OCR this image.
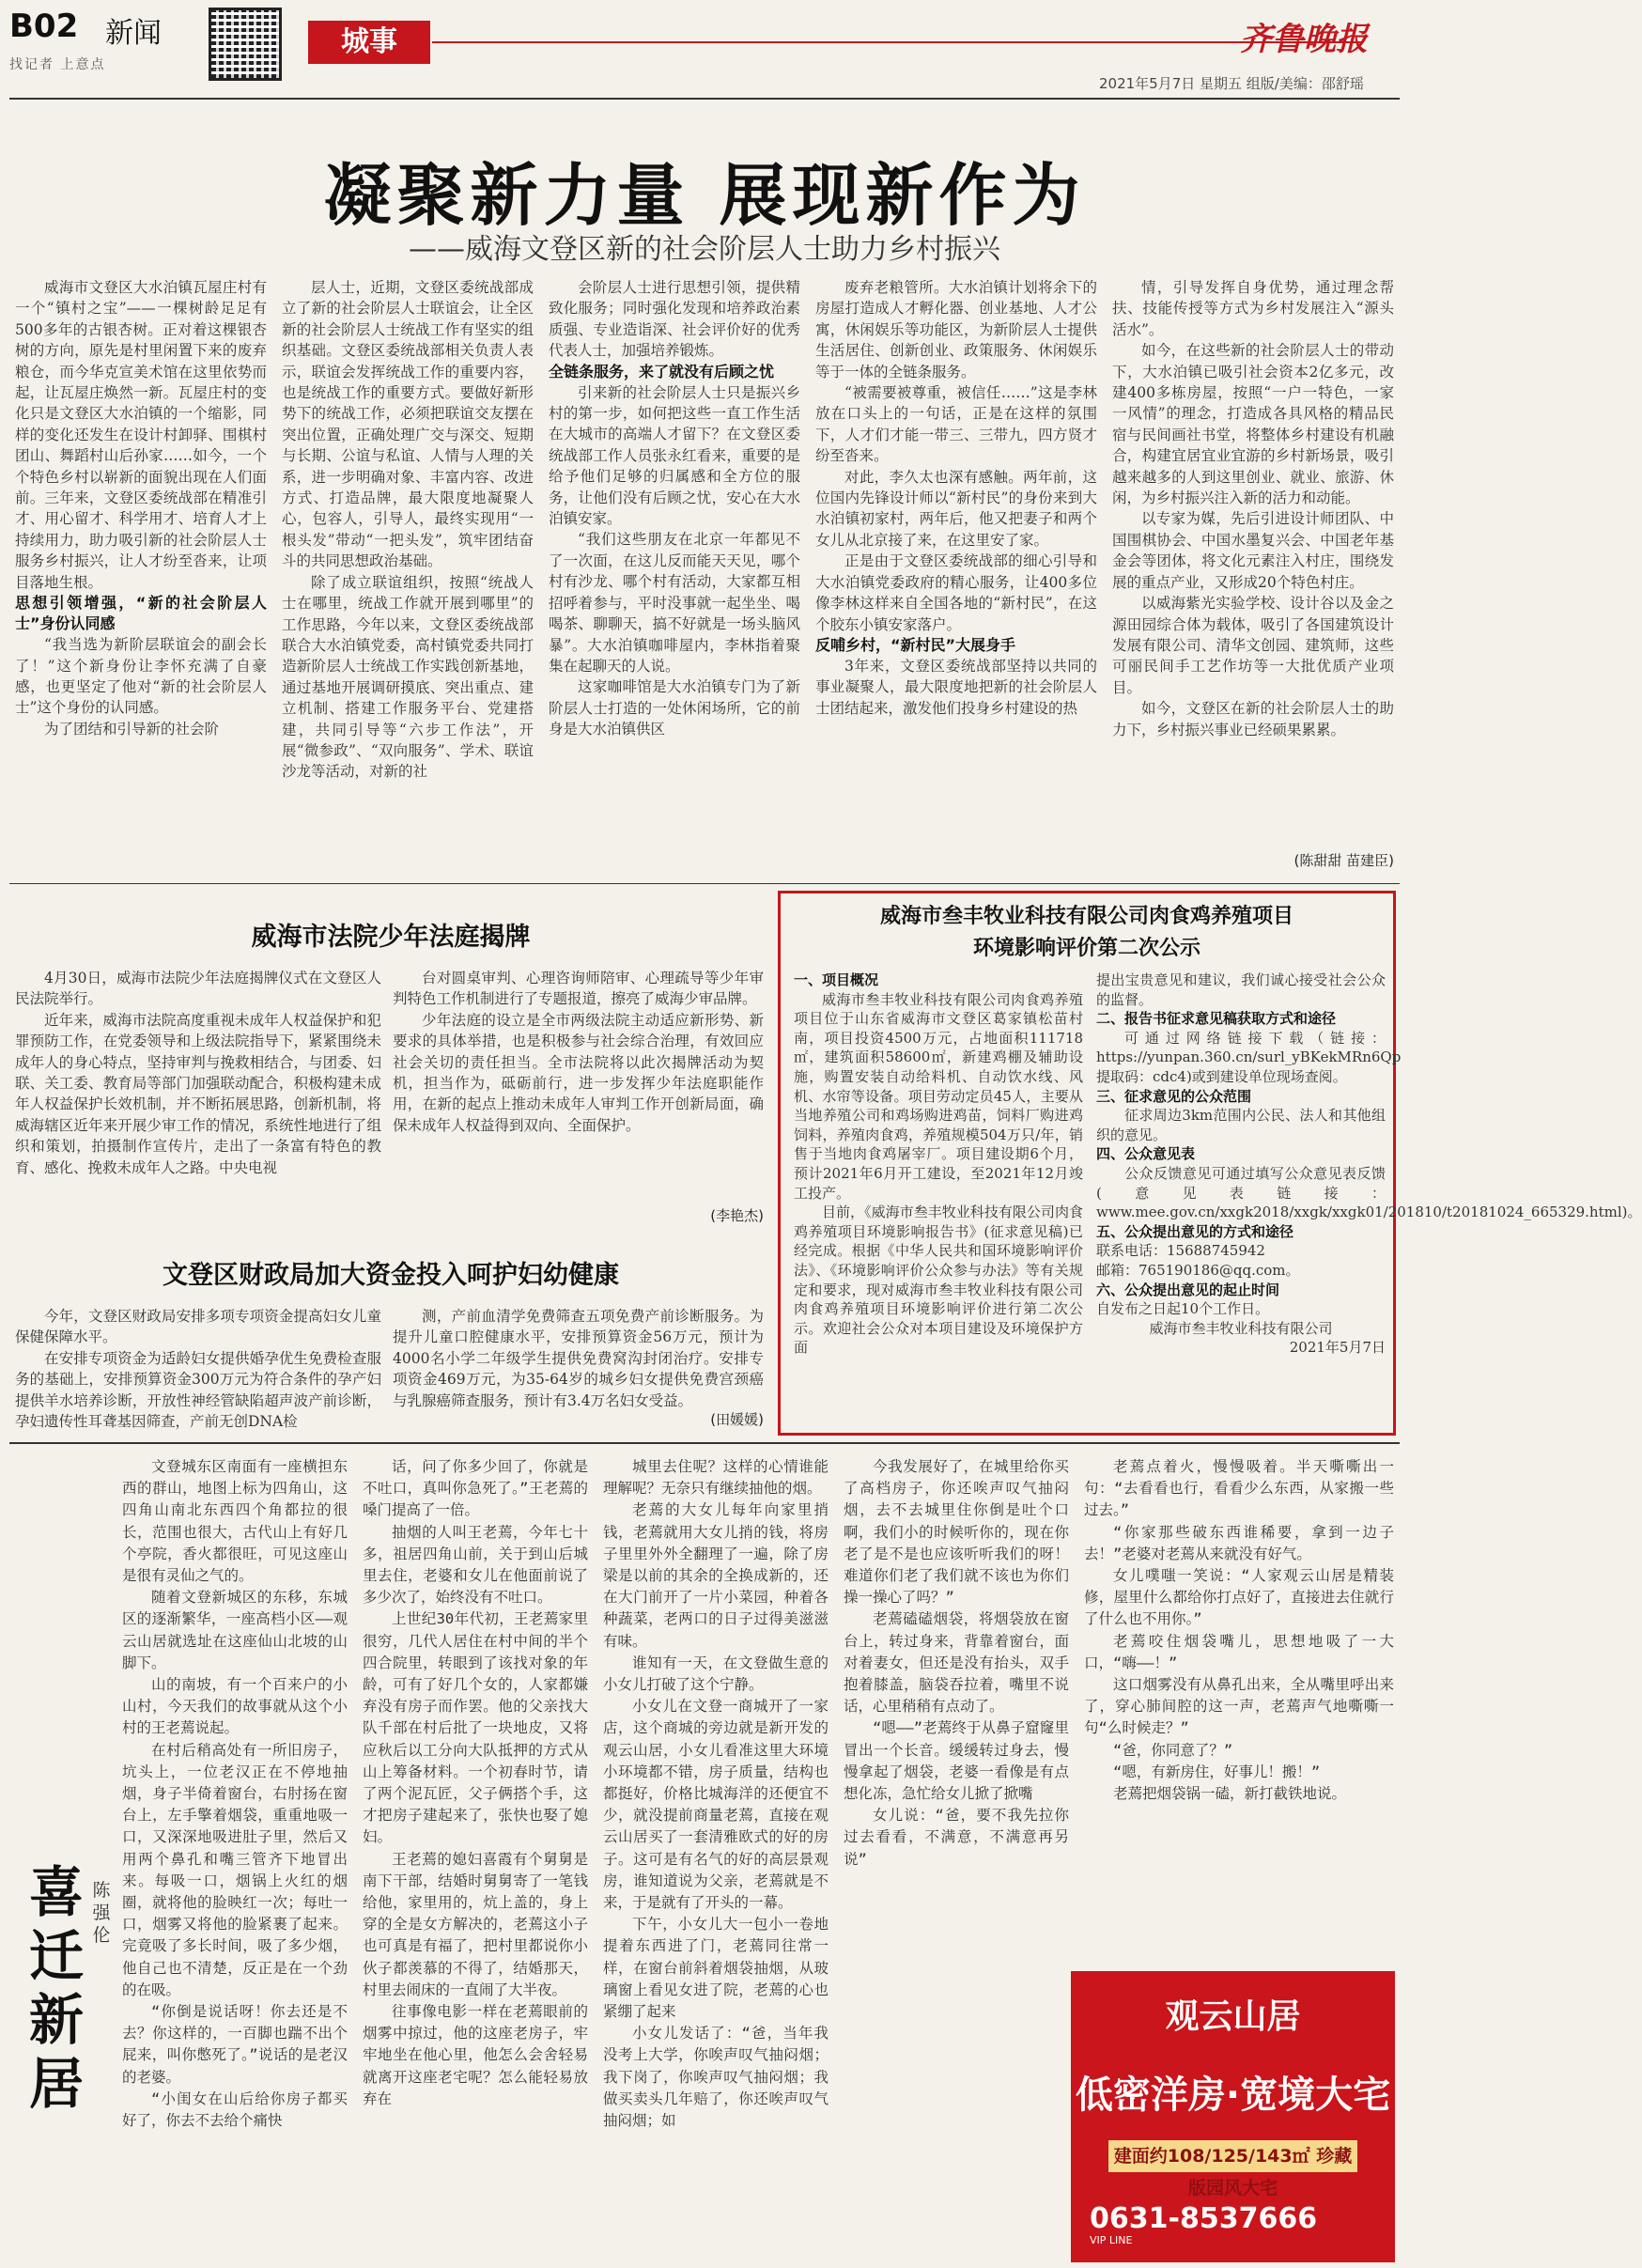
B02 新闻
找记者 上意点
城事	齐鲁晚报
2021年5月7日 星期五 组版/美编：邵舒瑶
凝聚新力量 展现新作为
——威海文登区新的社会阶层人士助力乡村振兴

威海市文登区大水泊镇瓦屋庄村有一个“镇村之宝”——一棵树龄足足有500多年的古银杏树。正对着这棵银杏树的方向，原先是村里闲置下来的废弃粮仓，而今华克宣美术馆在这里依势而起，让瓦屋庄焕然一新。瓦屋庄村的变化只是文登区大水泊镇的一个缩影，同样的变化还发生在设计村卸驿、围棋村团山、舞蹈村山后孙家……如今，一个个特色乡村以崭新的面貌出现在人们面前。三年来，文登区委统战部在精准引才、用心留才、科学用才、培育人才上持续用力，助力吸引新的社会阶层人士服务乡村振兴，让人才纷至沓来，让项目落地生根。

思想引领增强，“新的社会阶层人士”身份认同感

“我当选为新阶层联谊会的副会长了！”这个新身份让李怀充满了自豪感，也更坚定了他对“新的社会阶层人士”这个身份的认同感。

为了团结和引导新的社会阶

层人士，近期，文登区委统战部成立了新的社会阶层人士联谊会，让全区新的社会阶层人士统战工作有坚实的组织基础。文登区委统战部相关负责人表示，联谊会发挥统战工作的重要内容，也是统战工作的重要方式。要做好新形势下的统战工作，必须把联谊交友摆在突出位置，正确处理广交与深交、短期与长期、公谊与私谊、人情与人理的关系，进一步明确对象、丰富内容、改进方式、打造品牌，最大限度地凝聚人心，包容人，引导人，最终实现用“一根头发”带动“一把头发”，筑牢团结奋斗的共同思想政治基础。

除了成立联谊组织，按照“统战人士在哪里，统战工作就开展到哪里”的工作思路，今年以来，文登区委统战部联合大水泊镇党委，高村镇党委共同打造新阶层人士统战工作实践创新基地，通过基地开展调研摸底、突出重点、建立机制、搭建工作服务平台、党建搭建，共同引导等“六步工作法”，开展“微参政”、“双向服务”、学术、联谊沙龙等活动，对新的社

会阶层人士进行思想引领，提供精致化服务；同时强化发现和培养政治素质强、专业造诣深、社会评价好的优秀代表人士，加强培养锻炼。

全链条服务，来了就没有后顾之忧

引来新的社会阶层人士只是振兴乡村的第一步，如何把这些一直工作生活在大城市的高端人才留下？在文登区委统战部工作人员张永红看来，重要的是给予他们足够的归属感和全方位的服务，让他们没有后顾之忧，安心在大水泊镇安家。

“我们这些朋友在北京一年都见不了一次面，在这儿反而能天天见，哪个村有沙龙、哪个村有活动，大家都互相招呼着参与，平时没事就一起坐坐、喝喝茶、聊聊天，搞不好就是一场头脑风暴”。大水泊镇咖啡屋内，李林指着聚集在起聊天的人说。

这家咖啡馆是大水泊镇专门为了新阶层人士打造的一处休闲场所，它的前身是大水泊镇供区

废弃老粮管所。大水泊镇计划将余下的房屋打造成人才孵化器、创业基地、人才公寓，休闲娱乐等功能区，为新阶层人士提供生活居住、创新创业、政策服务、休闲娱乐等于一体的全链条服务。

“被需要被尊重，被信任……”这是李林放在口头上的一句话，正是在这样的氛围下，人才们才能一带三、三带九，四方贤才纷至沓来。

对此，李久太也深有感触。两年前，这位国内先锋设计师以“新村民”的身份来到大水泊镇初家村，两年后，他又把妻子和两个女儿从北京接了来，在这里安了家。

正是由于文登区委统战部的细心引导和大水泊镇党委政府的精心服务，让400多位像李林这样来自全国各地的“新村民”，在这个胶东小镇安家落户。

反哺乡村，“新村民”大展身手

3年来，文登区委统战部坚持以共同的事业凝聚人，最大限度地把新的社会阶层人士团结起来，激发他们投身乡村建设的热

情，引导发挥自身优势，通过理念帮扶、技能传授等方式为乡村发展注入“源头活水”。

如今，在这些新的社会阶层人士的带动下，大水泊镇已吸引社会资本2亿多元，改建400多栋房屋，按照“一户一特色，一家一风情”的理念，打造成各具风格的精品民宿与民间画社书堂，将整体乡村建设有机融合，构建宜居宜业宜游的乡村新场景，吸引越来越多的人到这里创业、就业、旅游、休闲，为乡村振兴注入新的活力和动能。

以专家为媒，先后引进设计师团队、中国围棋协会、中国水墨复兴会、中国老年基金会等团体，将文化元素注入村庄，围绕发展的重点产业，又形成20个特色村庄。

以威海紫光实验学校、设计谷以及金之源田园综合体为载体，吸引了各国建筑设计发展有限公司、清华文创园、建筑师，这些可丽民间手工艺作坊等一大批优质产业项目。

如今，文登区在新的社会阶层人士的助力下，乡村振兴事业已经硕果累累。

(陈甜甜 苗建臣)
威海市法院少年法庭揭牌

4月30日，威海市法院少年法庭揭牌仪式在文登区人民法院举行。

近年来，威海市法院高度重视未成年人权益保护和犯罪预防工作，在党委领导和上级法院指导下，紧紧围绕未成年人的身心特点，坚持审判与挽救相结合，与团委、妇联、关工委、教育局等部门加强联动配合，积极构建未成年人权益保护长效机制，并不断拓展思路，创新机制，将威海辖区近年来开展少审工作的情况，系统性地进行了组织和策划，拍摄制作宣传片，走出了一条富有特色的教育、感化、挽救未成年人之路。中央电视

台对圆桌审判、心理咨询师陪审、心理疏导等少年审判特色工作机制进行了专题报道，擦亮了威海少审品牌。

少年法庭的设立是全市两级法院主动适应新形势、新要求的具体举措，也是积极参与社会综合治理，有效回应社会关切的责任担当。全市法院将以此次揭牌活动为契机，担当作为，砥砺前行，进一步发挥少年法庭职能作用，在新的起点上推动未成年人审判工作开创新局面，确保未成年人权益得到双向、全面保护。

(李艳杰)
文登区财政局加大资金投入呵护妇幼健康

今年，文登区财政局安排多项专项资金提高妇女儿童保健保障水平。

在安排专项资金为适龄妇女提供婚孕优生免费检查服务的基础上，安排预算资金300万元为符合条件的孕产妇提供羊水培养诊断，开放性神经管缺陷超声波产前诊断，孕妇遗传性耳聋基因筛查，产前无创DNA检

测，产前血清学免费筛查五项免费产前诊断服务。为提升儿童口腔健康水平，安排预算资金56万元，预计为4000名小学二年级学生提供免费窝沟封闭治疗。安排专项资金469万元，为35-64岁的城乡妇女提供免费宫颈癌与乳腺癌筛查服务，预计有3.4万名妇女受益。

(田媛媛)
威海市叁丰牧业科技有限公司肉食鸡养殖项目
环境影响评价第二次公示

一、项目概况

威海市叁丰牧业科技有限公司肉食鸡养殖项目位于山东省威海市文登区葛家镇松苗村南，项目投资4500万元，占地面积111718㎡，建筑面积58600㎡，新建鸡棚及辅助设施，购置安装自动给料机、自动饮水线、风机、水帘等设备。项目劳动定员45人，主要从当地养殖公司和鸡场购进鸡苗，饲料厂购进鸡饲料，养殖肉食鸡，养殖规模504万只/年，销售于当地肉食鸡屠宰厂。项目建设期6个月，预计2021年6月开工建设，至2021年12月竣工投产。

目前，《威海市叁丰牧业科技有限公司肉食鸡养殖项目环境影响报告书》(征求意见稿)已经完成。根据《中华人民共和国环境影响评价法》、《环境影响评价公众参与办法》等有关规定和要求，现对威海市叁丰牧业科技有限公司肉食鸡养殖项目环境影响评价进行第二次公示。欢迎社会公众对本项目建设及环境保护方面

提出宝贵意见和建议，我们诚心接受社会公众的监督。

二、报告书征求意见稿获取方式和途径

可通过网络链接下载（链接：https://yunpan.360.cn/surl_yBKekMRn6Qp提取码：cdc4)或到建设单位现场查阅。

三、征求意见的公众范围

征求周边3km范围内公民、法人和其他组织的意见。

四、公众意见表

公众反馈意见可通过填写公众意见表反馈(意见表链接：www.mee.gov.cn/xxgk2018/xxgk/xxgk01/201810/t20181024_665329.html)。

五、公众提出意见的方式和途径

联系电话：15688745942

邮箱：765190186@qq.com。

六、公众提出意见的起止时间

自发布之日起10个工作日。

威海市叁丰牧业科技有限公司

2021年5月7日

喜迁新居
陈强伦

文登城东区南面有一座横担东西的群山，地图上标为四角山，这四角山南北东西四个角都拉的很长，范围也很大，古代山上有好几个亭院，香火都很旺，可见这座山是很有灵仙之气的。

随着文登新城区的东移，东城区的逐渐繁华，一座高档小区——观云山居就选址在这座仙山北坡的山脚下。

山的南坡，有一个百来户的小山村，今天我们的故事就从这个小村的王老蔫说起。

在村后稍高处有一所旧房子，坑头上，一位老汉正在不停地抽烟，身子半倚着窗台，右肘扬在窗台上，左手擎着烟袋，重重地吸一口，又深深地吸进肚子里，然后又用两个鼻孔和嘴三管齐下地冒出来。每吸一口，烟锅上火红的烟圈，就将他的脸映红一次；每吐一口，烟雾又将他的脸紧裹了起来。完竟吸了多长时间，吸了多少烟，他自己也不清楚，反正是在一个劲的在吸。

“你倒是说话呀！你去还是不去？你这样的，一百脚也踹不出个屁来，叫你憋死了。”说话的是老汉的老婆。

“小闺女在山后给你房子都买好了，你去不去给个痛快

话，问了你多少回了，你就是不吐口，真叫你急死了。”王老蔫的嗓门提高了一倍。

抽烟的人叫王老蔫，今年七十多，祖居四角山前，关于到山后城里去住，老婆和女儿在他面前说了多少次了，始终没有不吐口。

上世纪30年代初，王老蔫家里很穷，几代人居住在村中间的半个四合院里，转眼到了该找对象的年龄，可有了好几个女的，人家都嫌弃没有房子而作罢。他的父亲找大队千部在村后批了一块地皮，又将应秋后以工分向大队抵押的方式从山上筹备材料。一个初春时节，请了两个泥瓦匠，父子俩搭个手，这才把房子建起来了，张快也娶了媳妇。

王老蔫的媳妇喜霞有个舅舅是南下干部，结婚时舅舅寄了一笔钱给他，家里用的，炕上盖的，身上穿的全是女方解决的，老蔫这小子也可真是有福了，把村里都说你小伙子都羡慕的不得了，结婚那天，村里去闹床的一直闹了大半夜。

往事像电影一样在老蔫眼前的烟雾中掠过，他的这座老房子，牢牢地坐在他心里，他怎么会舍轻易就离开这座老宅呢？怎么能轻易放弃在

城里去住呢？这样的心情谁能理解呢？无奈只有继续抽他的烟。

老蔫的大女儿每年向家里捎钱，老蔫就用大女儿捎的钱，将房子里里外外全翻理了一遍，除了房梁是以前的其余的全换成新的，还在大门前开了一片小菜园，种着各种蔬菜，老两口的日子过得美滋滋有味。

谁知有一天，在文登做生意的小女儿打破了这个宁静。

小女儿在文登一商城开了一家店，这个商城的旁边就是新开发的观云山居，小女儿看准这里大环境小环境都不错，房子质量，结构也都挺好，价格比城海洋的还便宜不少，就没提前商量老蔫，直接在观云山居买了一套清雅欧式的好的房子。这可是有名气的好的高层景观房，谁知道说为父亲，老蔫就是不来，于是就有了开头的一幕。

下午，小女儿大一包小一卷地提着东西进了门，老蔫同往常一样，在窗台前斜着烟袋抽烟，从玻璃窗上看见女进了院，老蔫的心也紧绷了起来

小女儿发话了：“爸，当年我没考上大学，你唉声叹气抽闷烟；我下岗了，你唉声叹气抽闷烟；我做买卖头几年赔了，你还唉声叹气抽闷烟；如

今我发展好了，在城里给你买了高档房子，你还唉声叹气抽闷烟，去不去城里住你倒是吐个口啊，我们小的时候听你的，现在你老了是不是也应该听听我们的呀！难道你们老了我们就不该也为你们操一操心了吗？”

老蔫磕磕烟袋，将烟袋放在窗台上，转过身来，背靠着窗台，面对着妻女，但还是没有抬头，双手抱着膝盖，脑袋吞拉着，嘴里不说话，心里稍稍有点动了。

“嗯——”老蔫终于从鼻子窟窿里冒出一个长音。缓缓转过身去，慢慢拿起了烟袋，老婆一看像是有点想化冻，急忙给女儿掀了掀嘴

女儿说：“爸，要不我先拉你过去看看，不满意，不满意再另说”

老蔫点着火，慢慢吸着。半天嘶嘶出一句：“去看看也行，看看少么东西，从家搬一些过去。”

“你家那些破东西谁稀要，拿到一边子去！”老婆对老蔫从来就没有好气。

女儿噗嗤一笑说：“人家观云山居是精装修，屋里什么都给你打点好了，直接进去住就行了什么也不用你。”

老蔫咬住烟袋嘴儿，思想地吸了一大口，“嗨——！”

这口烟雾没有从鼻孔出来，全从嘴里呼出来了，穿心肺间腔的这一声，老蔫声气地嘶嘶一句“么时候走？”

“爸，你同意了？”

“嗯，有新房住，好事儿！搬！”

老蔫把烟袋锅一磕，新打截铁地说。

观云山居
低密洋房·宽境大宅
建面约108/125/143㎡ 珍藏版园风大宅
0631-8537666
VIP LINE
